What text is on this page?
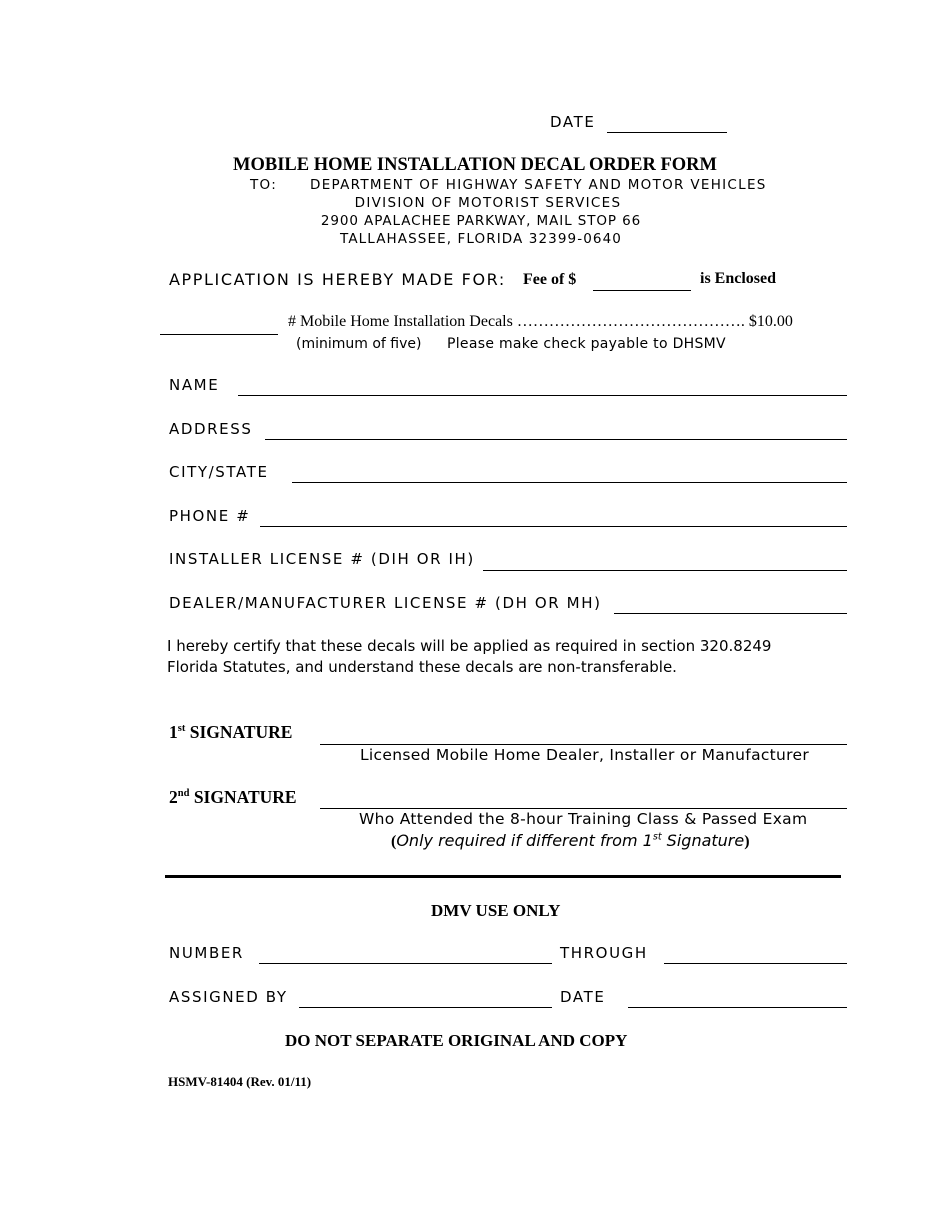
DATE
MOBILE HOME INSTALLATION DECAL ORDER FORM
TO: DEPARTMENT OF HIGHWAY SAFETY AND MOTOR VEHICLES
DIVISION OF MOTORIST SERVICES
2900 APALACHEE PARKWAY, MAIL STOP 66
TALLAHASSEE, FLORIDA 32399-0640
APPLICATION IS HEREBY MADE FOR: Fee of $	is Enclosed
# Mobile Home Installation Decals ……………………………………. $10.00
(minimum of five) Please make check payable to DHSMV
NAME
ADDRESS
CITY/STATE
PHONE #
INSTALLER LICENSE # (DIH OR IH)
DEALER/MANUFACTURER LICENSE # (DH OR MH)
I hereby certify that these decals will be applied as required in section 320.8249
Florida Statutes, and understand these decals are non-transferable.
1st SIGNATURE
Licensed Mobile Home Dealer, Installer or Manufacturer
2nd SIGNATURE
Who Attended the 8-hour Training Class & Passed Exam
(Only required if different from 1st Signature)
DMV USE ONLY
NUMBER	THROUGH
ASSIGNED BY	DATE
DO NOT SEPARATE ORIGINAL AND COPY
HSMV-81404 (Rev. 01/11)
